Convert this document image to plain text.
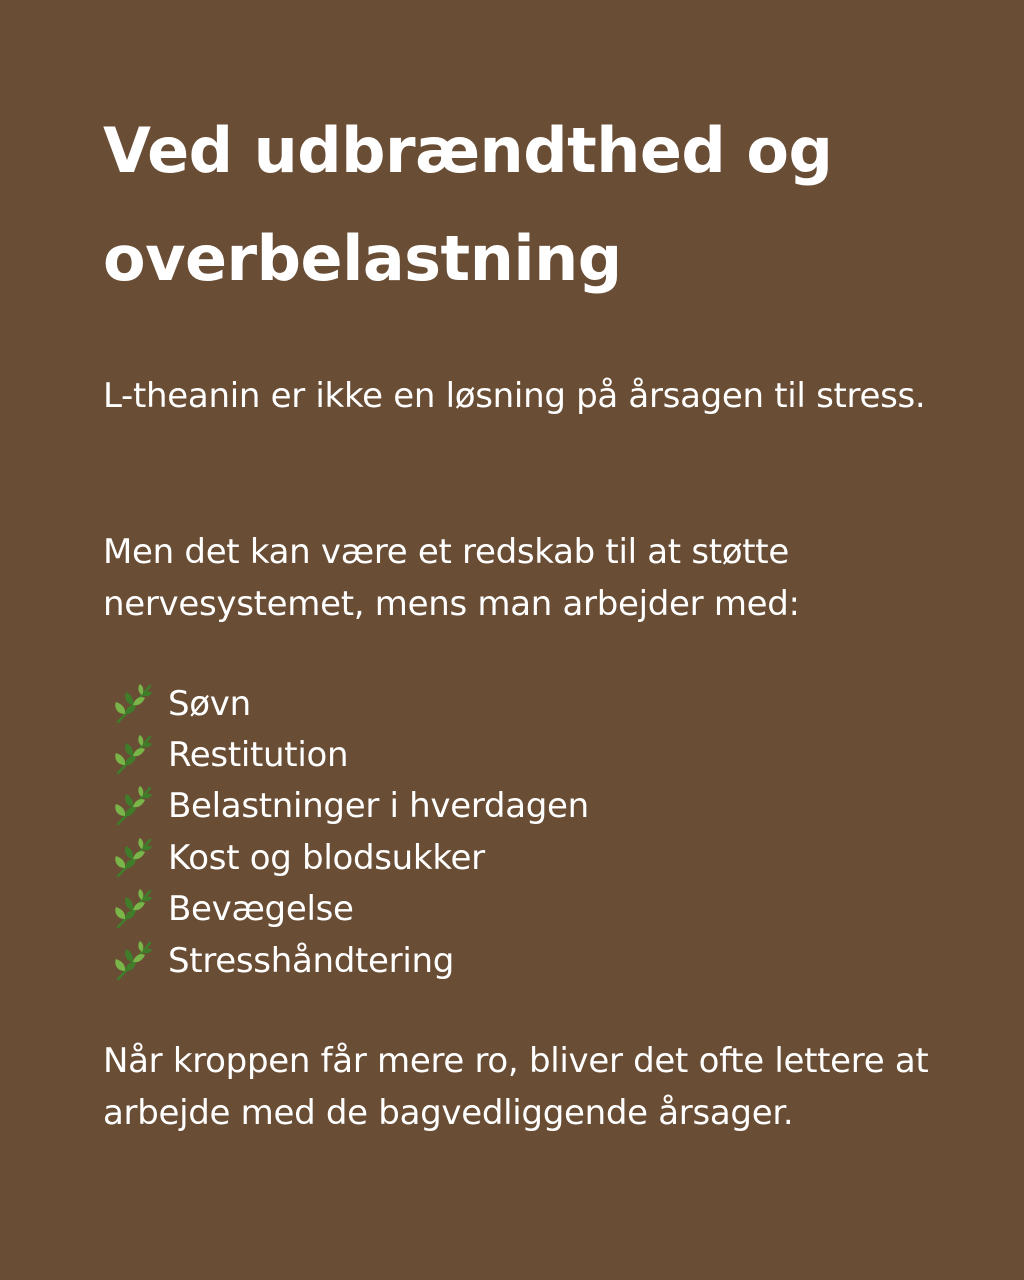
Ved udbrændthed og overbelastning

L-theanin er ikke en løsning på årsagen til stress.

Men det kan være et redskab til at støtte nervesystemet, mens man arbejder med:

Søvn
Restitution
Belastninger i hverdagen
Kost og blodsukker
Bevægelse
Stresshåndtering

Når kroppen får mere ro, bliver det ofte lettere at arbejde med de bagvedliggende årsager.
